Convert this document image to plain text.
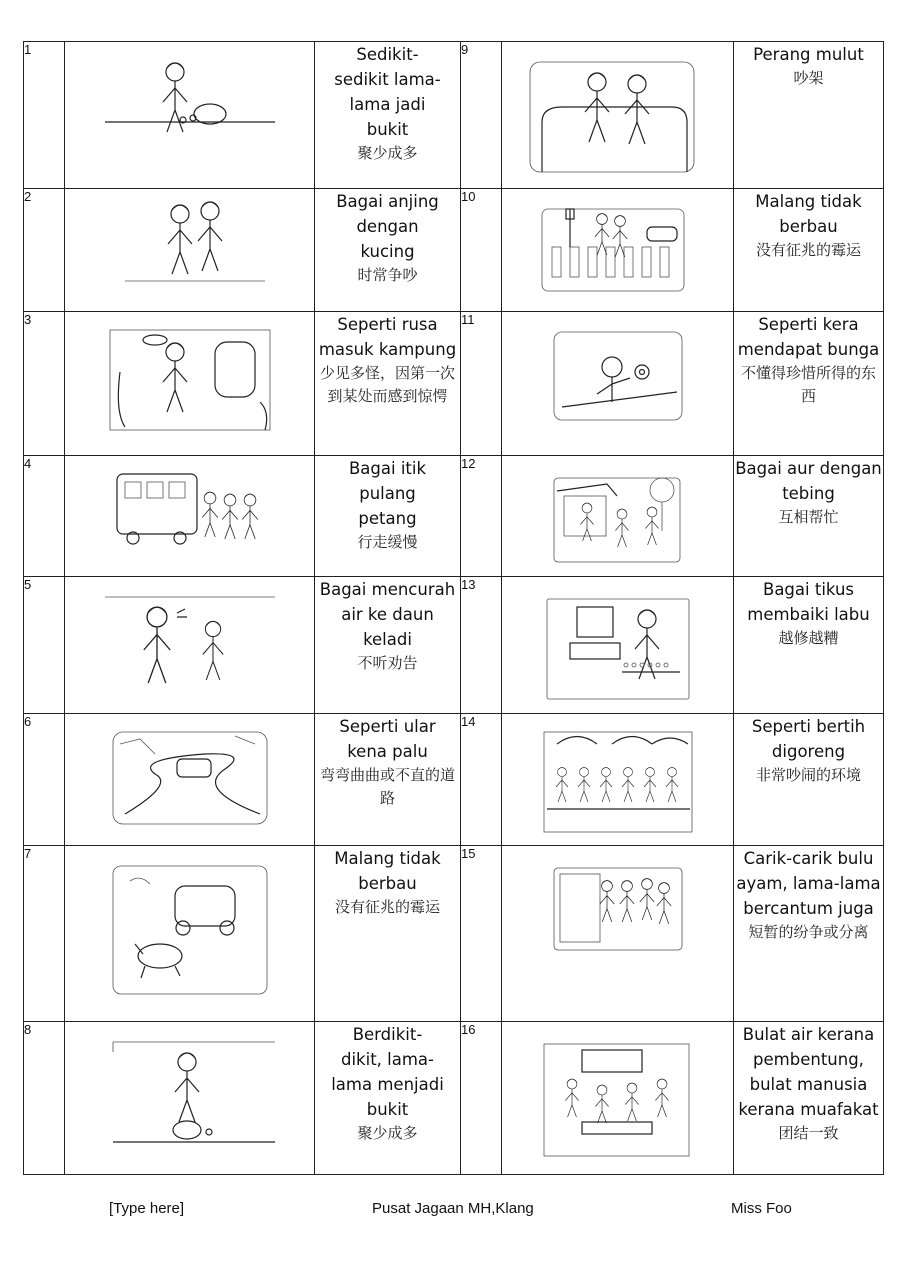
1		Sedikit-
sedikit lama-
lama jadi
bukit
聚少成多	9		Perang mulut
吵架

2		Bagai anjing
dengan
kucing
时常争吵	10		Malang tidak berbau
没有征兆的霉运

3		Seperti rusa
masuk kampung
少见多怪，因第一次到某处而感到惊愕	11		Seperti kera mendapat bunga
不懂得珍惜所得的东西

4		Bagai itik
pulang
petang
行走缓慢	12		Bagai aur dengan tebing
互相帮忙

5		Bagai mencurah
air ke daun
keladi
不听劝告	13		Bagai tikus membaiki labu
越修越糟

6		Seperti ular
kena palu
弯弯曲曲或不直的道路	14		Seperti bertih digoreng
非常吵闹的环境

7		Malang tidak
berbau
没有征兆的霉运	15		Carik-carik bulu ayam, lama-lama bercantum juga
短暂的纷争或分离

8		Berdikit-
dikit, lama-
lama menjadi
bukit
聚少成多	16		Bulat air kerana pembentung, bulat manusia kerana muafakat
团结一致
[Type here]	Pusat Jagaan MH,Klang	Miss Foo
